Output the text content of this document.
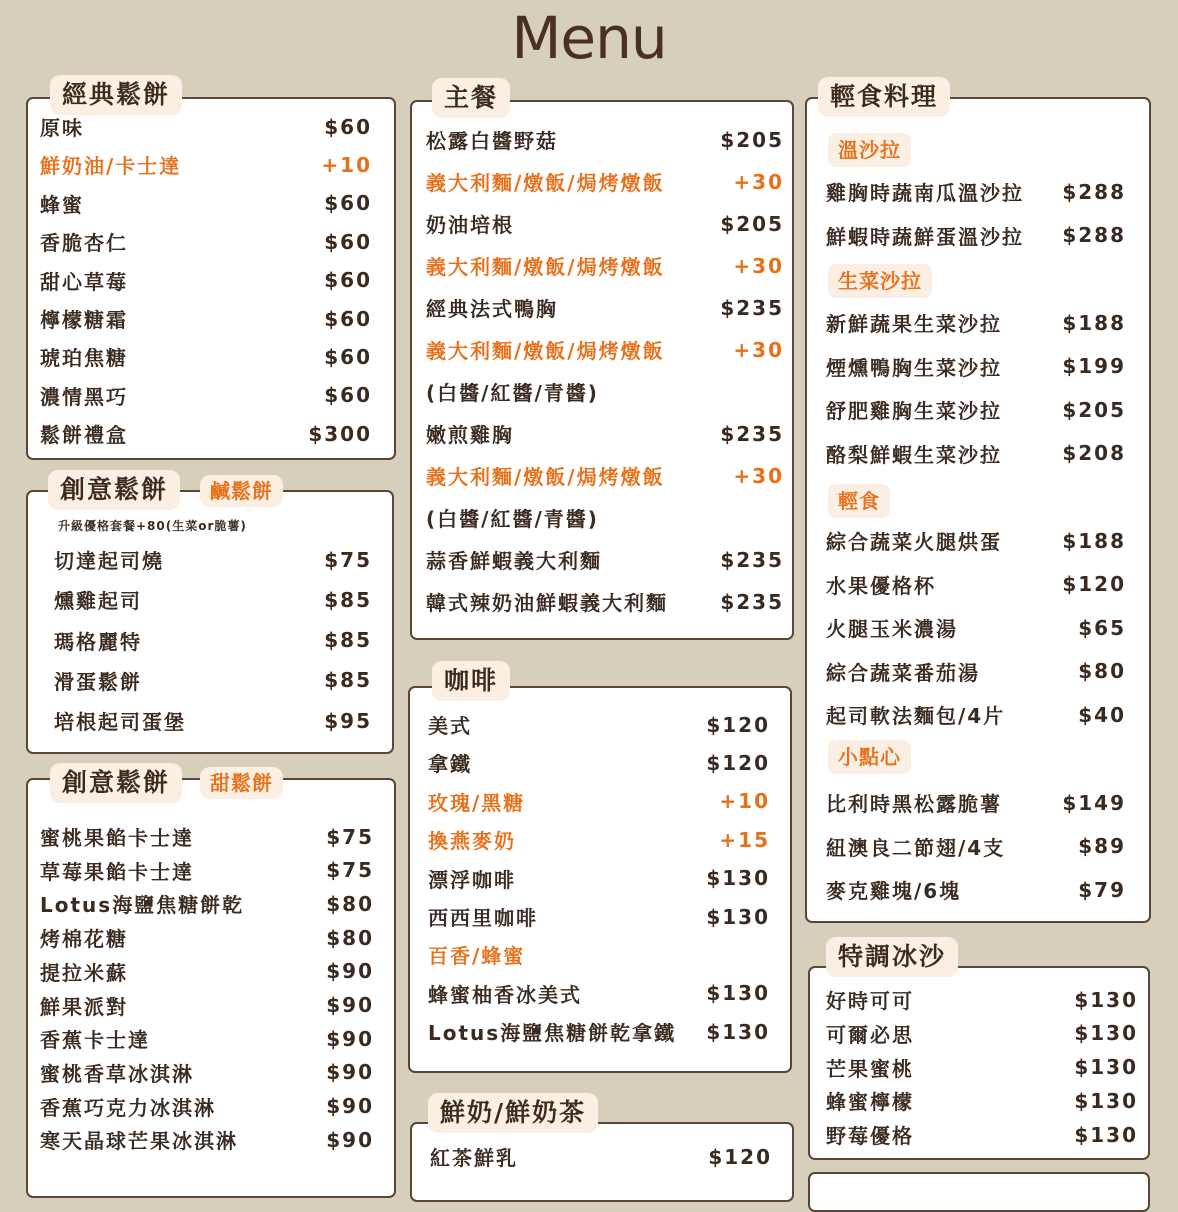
Menu
經典鬆餅
創意鬆餅	鹹鬆餅
升級優格套餐+80(生菜or脆薯)
創意鬆餅	甜鬆餅
主餐
咖啡
鮮奶/鮮奶茶
輕食料理
特調冰沙
原味	$60
鮮奶油/卡士達	+10
蜂蜜	$60
香脆杏仁	$60
甜心草莓	$60
檸檬糖霜	$60
琥珀焦糖	$60
濃情黑巧	$60
鬆餅禮盒	$300
切達起司燒	$75
燻雞起司	$85
瑪格麗特	$85
滑蛋鬆餅	$85
培根起司蛋堡	$95
蜜桃果餡卡士達	$75
草莓果餡卡士達	$75
Lotus海鹽焦糖餅乾	$80
烤棉花糖	$80
提拉米蘇	$90
鮮果派對	$90
香蕉卡士達	$90
蜜桃香草冰淇淋	$90
香蕉巧克力冰淇淋	$90
寒天晶球芒果冰淇淋	$90
松露白醬野菇	$205
義大利麵/燉飯/焗烤燉飯	+30
奶油培根	$205
義大利麵/燉飯/焗烤燉飯	+30
經典法式鴨胸	$235
義大利麵/燉飯/焗烤燉飯	+30
(白醬/紅醬/青醬)
嫩煎雞胸	$235
義大利麵/燉飯/焗烤燉飯	+30
(白醬/紅醬/青醬)
蒜香鮮蝦義大利麵	$235
韓式辣奶油鮮蝦義大利麵	$235
美式	$120
拿鐵	$120
玫瑰/黑糖	+10
換燕麥奶	+15
漂浮咖啡	$130
西西里咖啡	$130
百香/蜂蜜
蜂蜜柚香冰美式	$130
Lotus海鹽焦糖餅乾拿鐵 $130
紅茶鮮乳	$120
好時可可	$130
可爾必思	$130
芒果蜜桃	$130
蜂蜜檸檬	$130
野莓優格	$130
溫沙拉
雞胸時蔬南瓜溫沙拉 $288
鮮蝦時蔬鮮蛋溫沙拉 $288
生菜沙拉
新鮮蔬果生菜沙拉	$188
煙燻鴨胸生菜沙拉	$199
舒肥雞胸生菜沙拉	$205
酪梨鮮蝦生菜沙拉	$208
輕食
綜合蔬菜火腿烘蛋	$188
水果優格杯	$120
火腿玉米濃湯	$65
綜合蔬菜番茄湯	$80
起司軟法麵包/4片	$40
小點心
比利時黑松露脆薯	$149
紐澳良二節翅/4支	$89
麥克雞塊/6塊	$79
